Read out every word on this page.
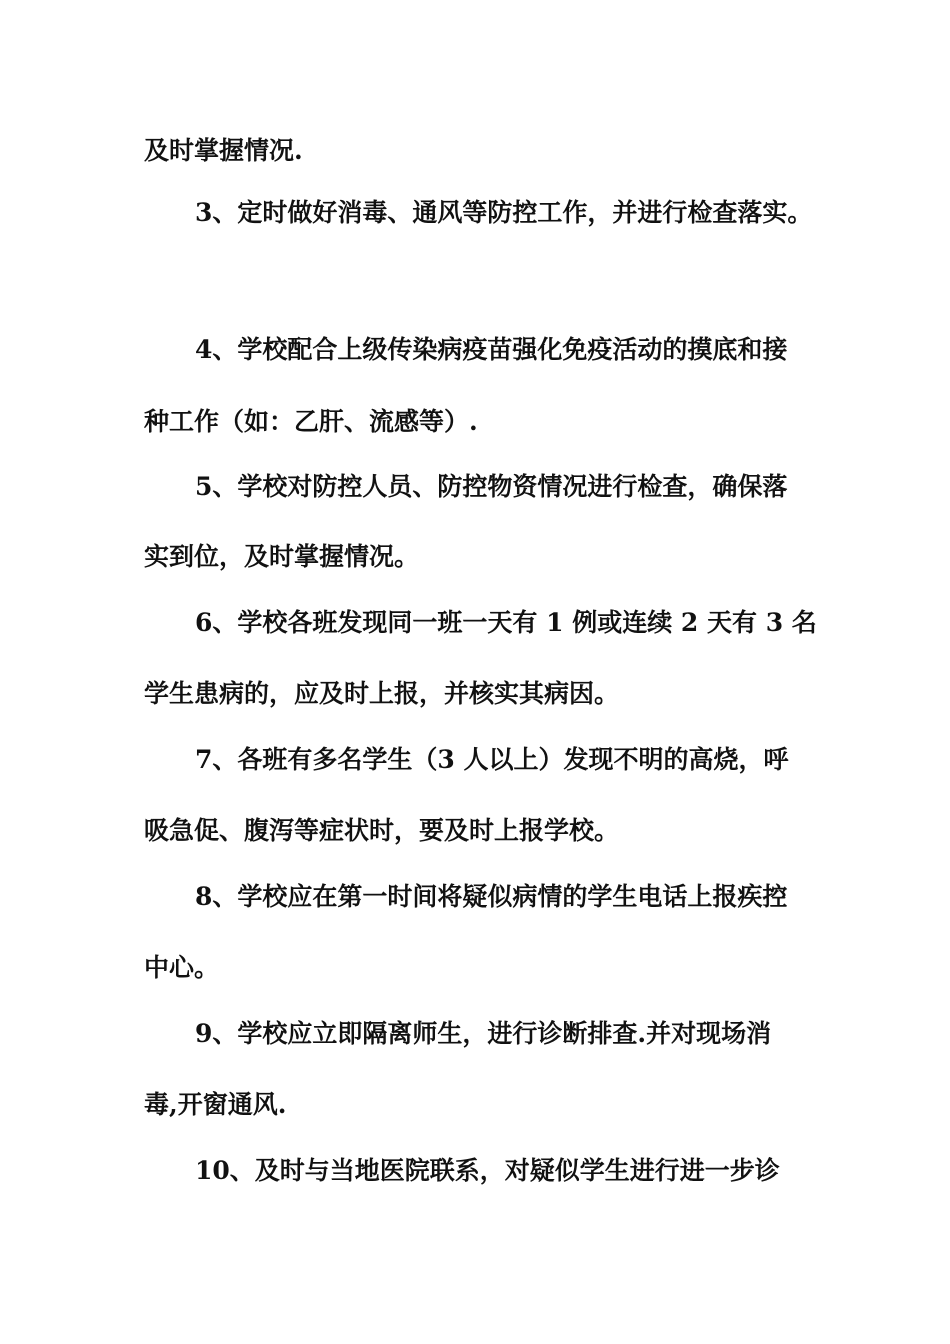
及时掌握情况.
3、定时做好消毒、通风等防控工作，并进行检查落实。
4、学校配合上级传染病疫苗强化免疫活动的摸底和接
种工作（如：乙肝、流感等）.
5、学校对防控人员、防控物资情况进行检查，确保落
实到位，及时掌握情况。
6、学校各班发现同一班一天有 1 例或连续 2 天有 3 名
学生患病的，应及时上报，并核实其病因。
7、各班有多名学生（3 人以上）发现不明的高烧，呼
吸急促、腹泻等症状时，要及时上报学校。
8、学校应在第一时间将疑似病情的学生电话上报疾控
中心。
9、学校应立即隔离师生，进行诊断排查.并对现场消
毒,开窗通风.
10、及时与当地医院联系，对疑似学生进行进一步诊
